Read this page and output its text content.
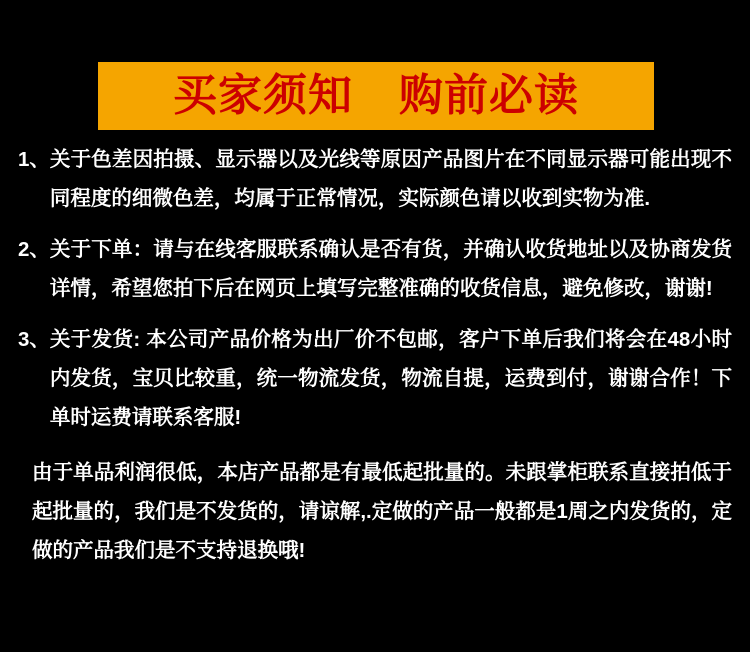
买家须知 购前必读
1、 关于色差因拍摄、显示器以及光线等原因产品图片在不同显示器可能出现不同程度的细微色差，均属于正常情况，实际颜色请以收到实物为准.
2、 关于下单：请与在线客服联系确认是否有货，并确认收货地址以及协商发货详情，希望您拍下后在网页上填写完整准确的收货信息，避免修改，谢谢!
3、 关于发货: 本公司产品价格为出厂价不包邮，客户下单后我们将会在48小时内发货，宝贝比较重，统一物流发货，物流自提，运费到付，谢谢合作！下单时运费请联系客服!
由于单品利润很低，本店产品都是有最低起批量的。未跟掌柜联系直接拍低于起批量的，我们是不发货的，请谅解,.定做的产品一般都是1周之内发货的，定做的产品我们是不支持退换哦!
